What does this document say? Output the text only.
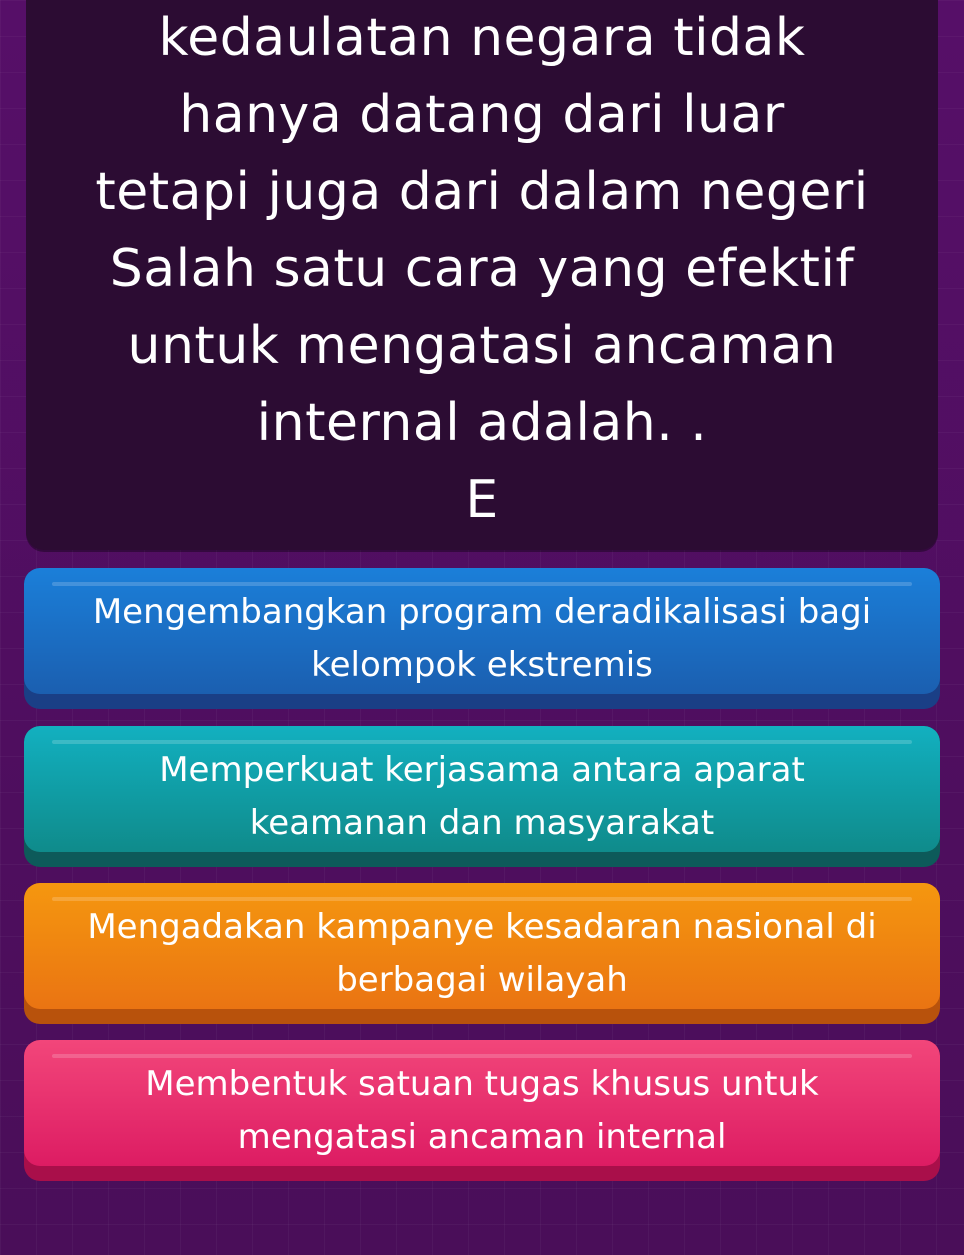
kedaulatan negara tidak
hanya datang dari luar
tetapi juga dari dalam negeri
Salah satu cara yang efektif
untuk mengatasi ancaman
internal adalah. .
E

Mengembangkan program deradikalisasi bagi
kelompok ekstremis
Memperkuat kerjasama antara aparat
keamanan dan masyarakat
Mengadakan kampanye kesadaran nasional di
berbagai wilayah
Membentuk satuan tugas khusus untuk
mengatasi ancaman internal
